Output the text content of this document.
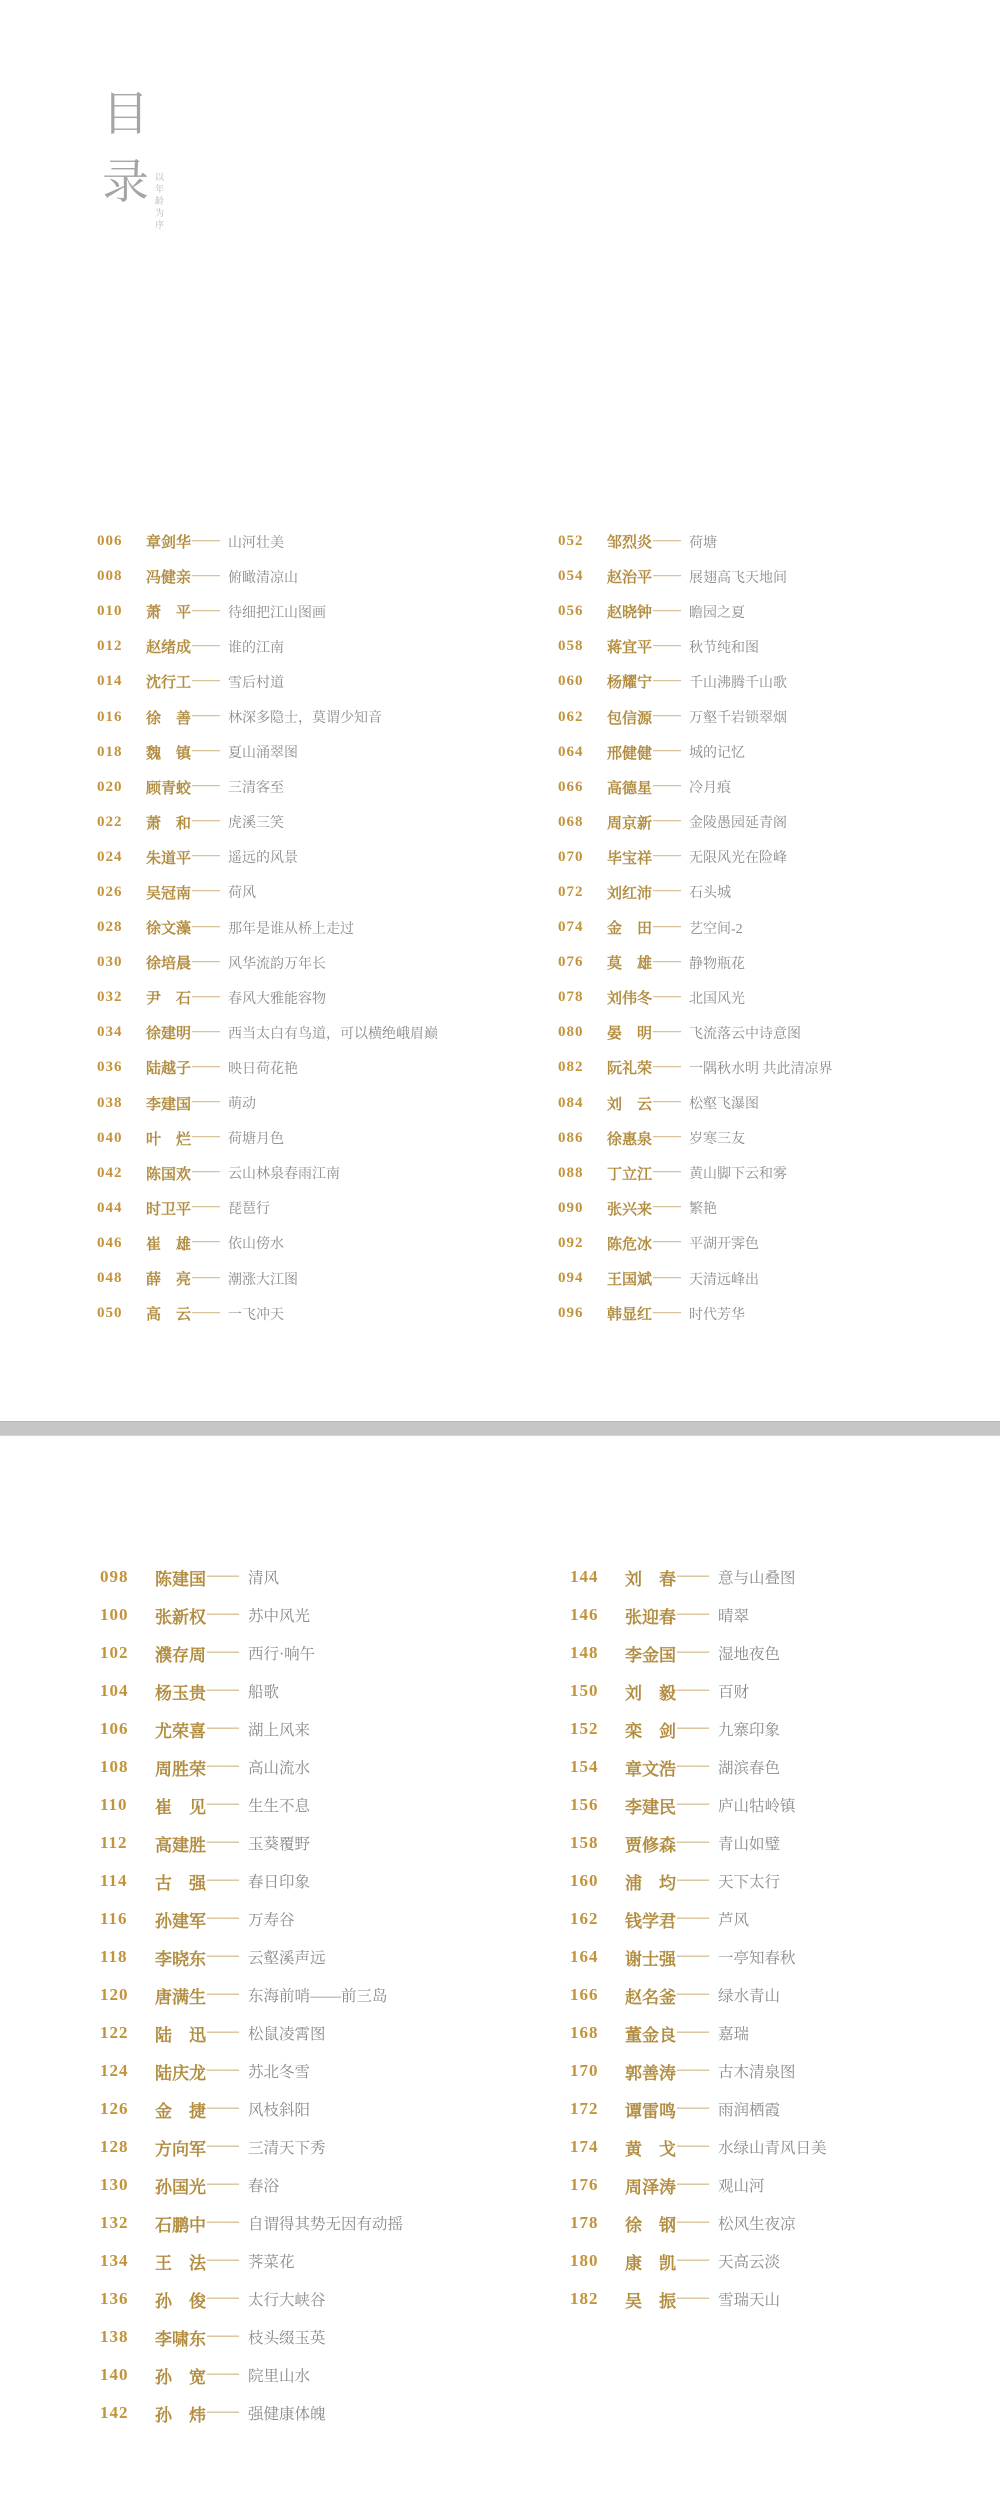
目
录 以年龄为序
006	章剑华 —— 山河壮美
008	冯健亲 —— 俯瞰清凉山
010	萧　平 —— 待细把江山图画
012	赵绪成 —— 谁的江南
014	沈行工 —— 雪后村道
016	徐　善 —— 林深多隐士，莫谓少知音
018	魏　镇 —— 夏山涌翠图
020	顾青蛟 —— 三清客至
022	萧　和 —— 虎溪三笑
024	朱道平 —— 遥远的风景
026	吴冠南 —— 荷风
028	徐文藻 —— 那年是谁从桥上走过
030	徐培晨 —— 风华流韵万年长
032	尹　石 —— 春风大雅能容物
034	徐建明 —— 西当太白有鸟道，可以横绝峨眉巅
036	陆越子 —— 映日荷花艳
038	李建国 —— 萌动
040	叶　烂 —— 荷塘月色
042	陈国欢 —— 云山林泉春雨江南
044	时卫平 —— 琵琶行
046	崔　雄 —— 依山傍水
048	薛　亮 —— 潮涨大江图
050	高　云 —— 一飞冲天
052	邹烈炎 —— 荷塘
054	赵治平 —— 展翅高飞天地间
056	赵晓钟 —— 瞻园之夏
058	蒋宜平 —— 秋节纯和图
060	杨耀宁 —— 千山沸腾千山歌
062	包信源 —— 万壑千岩锁翠烟
064	邢健健 —— 城的记忆
066	高德星 —— 冷月痕
068	周京新 —— 金陵愚园延青阁
070	毕宝祥 —— 无限风光在险峰
072	刘红沛 —— 石头城
074	金　田 —— 艺空间-2
076	莫　雄 —— 静物瓶花
078	刘伟冬 —— 北国风光
080	晏　明 —— 飞流落云中诗意图
082	阮礼荣 —— 一隅秋水明 共此清凉界
084	刘　云 —— 松壑飞瀑图
086	徐惠泉 —— 岁寒三友
088	丁立江 —— 黄山脚下云和雾
090	张兴来 —— 繁艳
092	陈危冰 —— 平湖开霁色
094	王国斌 —— 天清远峰出
096	韩显红 —— 时代芳华
098	陈建国 —— 清风
100	张新权 —— 苏中风光
102	濮存周 —— 西行·响午
104	杨玉贵 —— 船歌
106	尤荣喜 —— 湖上风来
108	周胜荣 —— 高山流水
110	崔　见 —— 生生不息
112	高建胜 —— 玉葵覆野
114	古　强 —— 春日印象
116	孙建军 —— 万寿谷
118	李晓东 —— 云壑溪声远
120	唐满生 —— 东海前哨——前三岛
122	陆　迅 —— 松鼠凌霄图
124	陆庆龙 —— 苏北冬雪
126	金　捷 —— 风枝斜阳
128	方向军 —— 三清天下秀
130	孙国光 —— 春浴
132	石鹏中 —— 自谓得其势无因有动摇
134	王　法 —— 荠菜花
136	孙　俊 —— 太行大峡谷
138	李啸东 —— 枝头缀玉英
140	孙　宽 —— 院里山水
142	孙　炜 —— 强健康体魄
144	刘　春 —— 意与山叠图
146	张迎春 —— 晴翠
148	李金国 —— 湿地夜色
150	刘　毅 —— 百财
152	栾　剑 —— 九寨印象
154	章文浩 —— 湖滨春色
156	李建民 —— 庐山牯岭镇
158	贾修森 —— 青山如璧
160	浦　均 —— 天下太行
162	钱学君 —— 芦风
164	谢士强 —— 一亭知春秋
166	赵名釜 —— 绿水青山
168	董金良 —— 嘉瑞
170	郭善涛 —— 古木清泉图
172	谭雷鸣 —— 雨润栖霞
174	黄　戈 —— 水绿山青风日美
176	周泽涛 —— 观山河
178	徐　钢 —— 松风生夜凉
180	康　凯 —— 天高云淡
182	吴　振 —— 雪瑞天山
